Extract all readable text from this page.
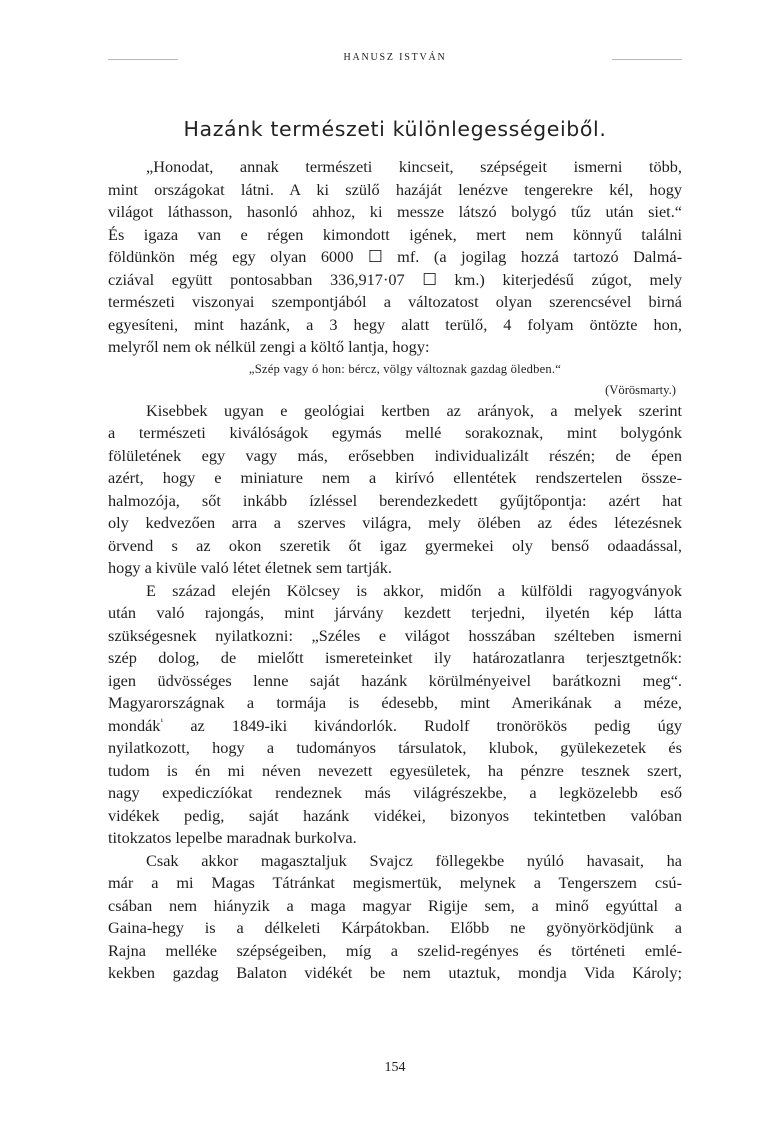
HANUSZ ISTVÁN
Hazánk természeti különlegességeiből.
„Honodat, annak természeti kincseit, szépségeit ismerni több,
mint országokat látni. A ki szülő hazáját lenézve tengerekre kél, hogy
világot láthasson, hasonló ahhoz, ki messze látszó bolygó tűz után siet.“
És igaza van e régen kimondott igének, mert nem könnyű találni
földünkön még egy olyan 6000 ☐ mf. (a jogilag hozzá tartozó Dalmá-
cziával együtt pontosabban 336,917·07 ☐ km.) kiterjedésű zúgot, mely
természeti viszonyai szempontjából a változatost olyan szerencsével birná
egyesíteni, mint hazánk, a 3 hegy alatt terülő, 4 folyam öntözte hon,
melyről nem ok nélkül zengi a költő lantja, hogy:
„Szép vagy ó hon: bércz, völgy változnak gazdag öledben.“
(Vörösmarty.)
Kisebbek ugyan e geológiai kertben az arányok, a melyek szerint
a természeti kiválóságok egymás mellé sorakoznak, mint bolygónk
fölületének egy vagy más, erősebben individualizált részén; de épen
azért, hogy e miniature nem a kirívó ellentétek rendszertelen össze-
halmozója, sőt inkább ízléssel berendezkedett gyűjtőpontja: azért hat
oly kedvezően arra a szerves világra, mely ölében az édes létezésnek
örvend s az okon szeretik őt igaz gyermekei oly benső odaadással,
hogy a kivüle való létet életnek sem tartják.
E század elején Kölcsey is akkor, midőn a külföldi ragyogványok
után való rajongás, mint járvány kezdett terjedni, ilyetén kép látta
szükségesnek nyilatkozni: „Széles e világot hosszában szélteben ismerni
szép dolog, de mielőtt ismereteinket ily határozatlanra terjesztgetnők:
igen üdvösséges lenne saját hazánk körülményeivel barátkozni meg“.
Magyarországnak a tormája is édesebb, mint Amerikának a méze,
mondák$^{^1}$ az 1849-iki kivándorlók. Rudolf tronörökös pedig úgy
nyilatkozott, hogy a tudományos társulatok, klubok, gyülekezetek és
tudom is én mi néven nevezett egyesületek, ha pénzre tesznek szert,
nagy expediczíókat rendeznek más világrészekbe, a legközelebb eső
vidékek pedig, saját hazánk vidékei, bizonyos tekintetben valóban
titokzatos lepelbe maradnak burkolva.
Csak akkor magasztaljuk Svajcz föllegekbe nyúló havasait, ha
már a mi Magas Tátránkat megismertük, melynek a Tengerszem csú-
csában nem hiányzik a maga magyar Rigije sem, a minő egyúttal a
Gaina-hegy is a délkeleti Kárpátokban. Előbb ne gyönyörködjünk a
Rajna melléke szépségeiben, míg a szelid-regényes és történeti emlé-
kekben gazdag Balaton vidékét be nem utaztuk, mondja Vida Károly;
154
